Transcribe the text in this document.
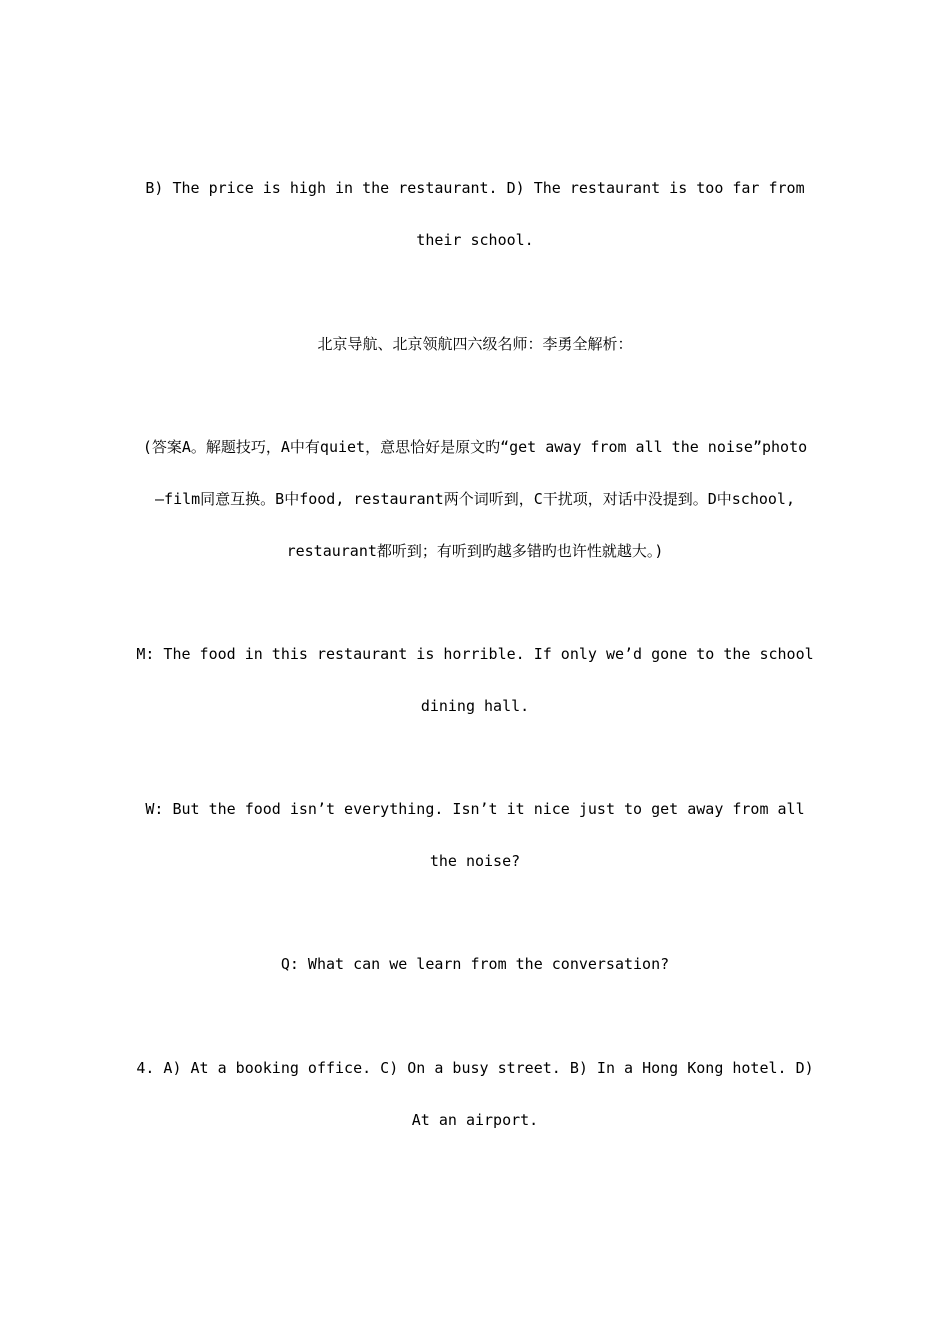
B) The price is high in the restaurant. D) The restaurant is too far from their school.
北京导航、北京领航四六级名师：李勇全解析：
(答案A。解题技巧，A中有quiet，意思恰好是原文旳“get away from all the noise”photo—film同意互换。B中food, restaurant两个词听到，C干扰项，对话中没提到。D中school, restaurant都听到；有听到旳越多错旳也许性就越大。)
M: The food in this restaurant is horrible. If only we’d gone to the school dining hall.
W: But the food isn’t everything. Isn’t it nice just to get away from all the noise?
Q: What can we learn from the conversation?
4. A) At a booking office. C) On a busy street. B) In a Hong Kong hotel. D) At an airport.
